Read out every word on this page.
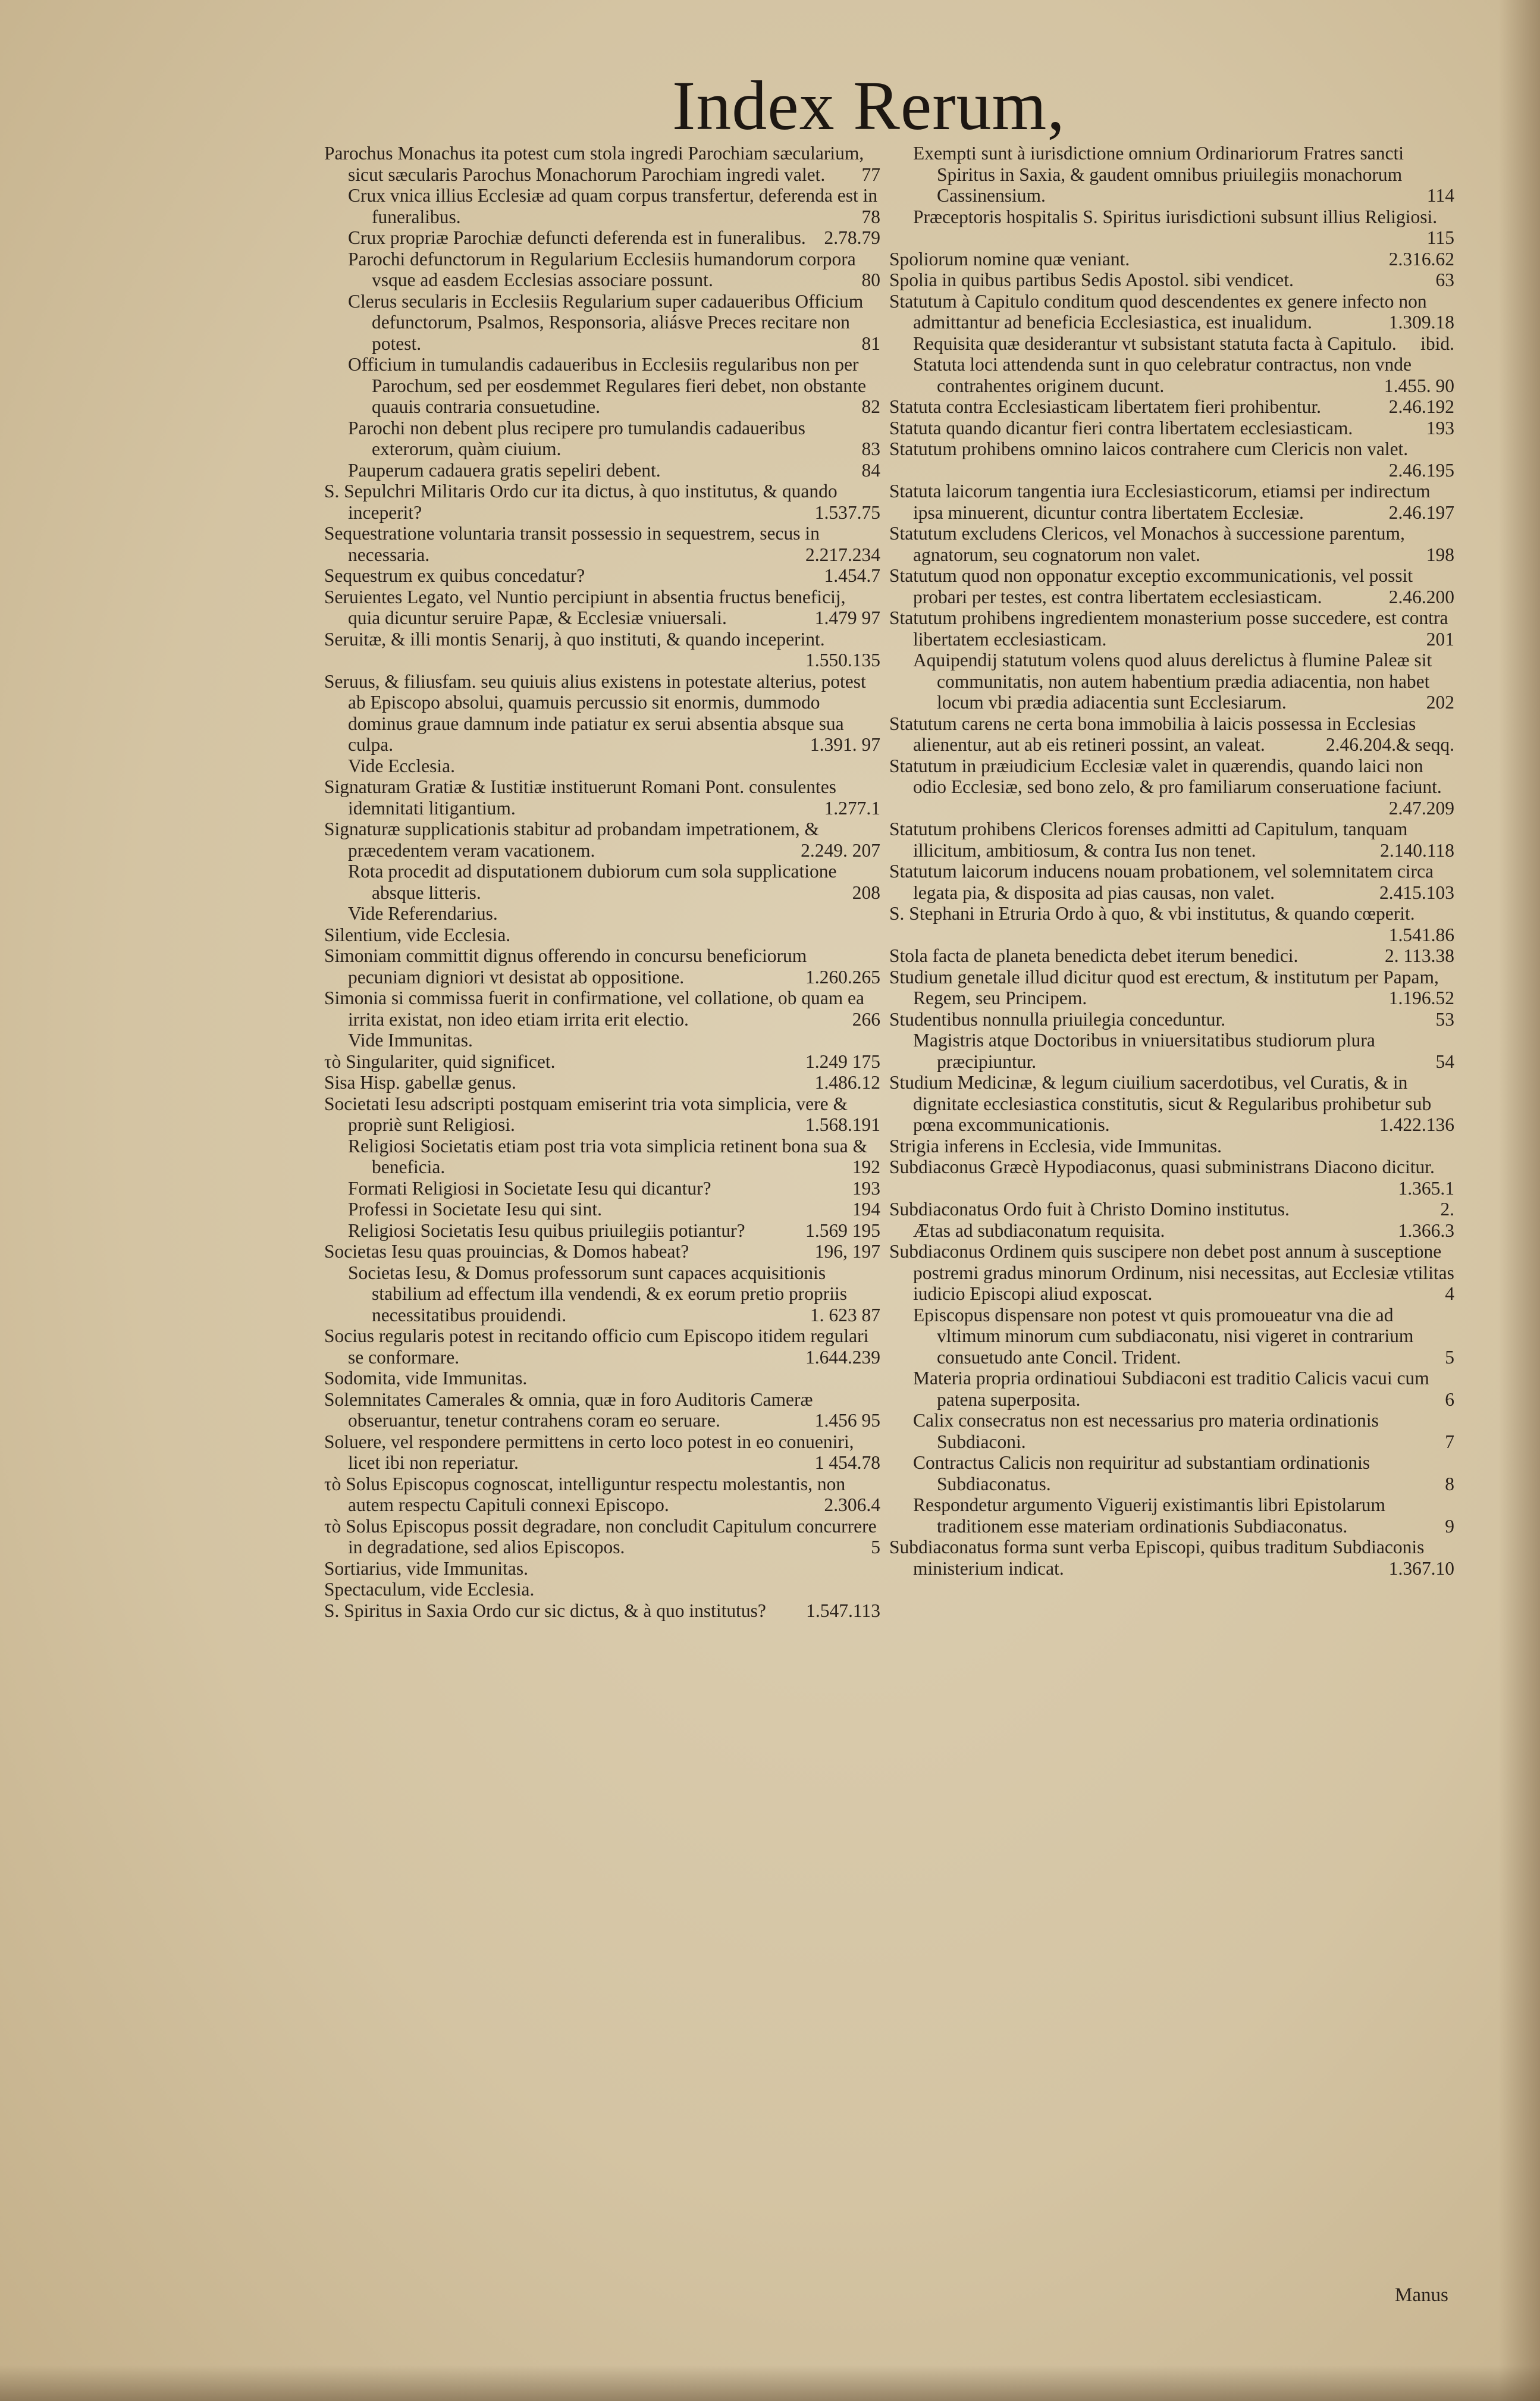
Index Rerum,

Parochus Monachus ita potest cum stola ingredi Parochiam sæcularium, sicut sæcularis Parochus Monachorum Parochiam ingredi valet.	77

Crux vnica illius Ecclesiæ ad quam corpus transfertur, deferenda est in funeralibus.	78

Crux propriæ Parochiæ defuncti deferenda est in funeralibus. 2.78.79

Parochi defunctorum in Regularium Ecclesiis humandorum corpora vsque ad easdem Ecclesias associare possunt.	80

Clerus secularis in Ecclesiis Regularium super cadaueribus Officium defunctorum, Psalmos, Responsoria, aliásve Preces recitare non potest.	81

Officium in tumulandis cadaueribus in Ecclesiis regularibus non per Parochum, sed per eosdemmet Regulares fieri debet, non obstante quauis contraria consuetudine.	82

Parochi non debent plus recipere pro tumulandis cadaueribus exterorum, quàm ciuium.	83

Pauperum cadauera gratis sepeliri debent.	84

S. Sepulchri Militaris Ordo cur ita dictus, à quo institutus, & quando inceperit?	1.537.75

Sequestratione voluntaria transit possessio in sequestrem, secus in necessaria.	2.217.234

Sequestrum ex quibus concedatur?	1.454.7

Seruientes Legato, vel Nuntio percipiunt in absentia fructus beneficij, quia dicuntur seruire Papæ, & Ecclesiæ vniuersali.	1.479 97

Seruitæ, & illi montis Senarij, à quo instituti, & quando inceperint.
1.550.135

Seruus, & filiusfam. seu quiuis alius existens in potestate alterius, potest ab Episcopo absolui, quamuis percussio sit enormis, dummodo dominus graue damnum inde patiatur ex serui absentia absque sua culpa.	1.391. 97

Vide Ecclesia.

Signaturam Gratiæ & Iustitiæ instituerunt Romani Pont. consulentes idemnitati litigantium.	1.277.1

Signaturæ supplicationis stabitur ad probandam impetrationem, & præcedentem veram vacationem.	2.249. 207

Rota procedit ad disputationem dubiorum cum sola supplicatione absque litteris.	208

Vide Referendarius.

Silentium, vide Ecclesia.

Simoniam committit dignus offerendo in concursu beneficiorum pecuniam digniori vt desistat ab oppositione.	1.260.265

Simonia si commissa fuerit in confirmatione, vel collatione, ob quam ea irrita existat, non ideo etiam irrita erit electio.	266

Vide Immunitas.

τò Singulariter, quid significet.	1.249 175

Sisa Hisp. gabellæ genus.	1.486.12

Societati Iesu adscripti postquam emiserint tria vota simplicia, vere & propriè sunt Religiosi.	1.568.191

Religiosi Societatis etiam post tria vota simplicia retinent bona sua & beneficia.	192

Formati Religiosi in Societate Iesu qui dicantur?	193

Professi in Societate Iesu qui sint.	194

Religiosi Societatis Iesu quibus priuilegiis potiantur?	1.569 195

Societas Iesu quas prouincias, & Domos habeat?	196, 197

Societas Iesu, & Domus professorum sunt capaces acquisitionis stabilium ad effectum illa vendendi, & ex eorum pretio propriis necessitatibus prouidendi.	1. 623 87

Socius regularis potest in recitando officio cum Episcopo itidem regulari se conformare.	1.644.239

Sodomita, vide Immunitas.

Solemnitates Camerales & omnia, quæ in foro Auditoris Cameræ obseruantur, tenetur contrahens coram eo seruare.	1.456 95

Soluere, vel respondere permittens in certo loco potest in eo conueniri, licet ibi non reperiatur.	1 454.78

τò Solus Episcopus cognoscat, intelliguntur respectu molestantis, non autem respectu Capituli connexi Episcopo.	2.306.4

τò Solus Episcopus possit degradare, non concludit Capitulum concurrere in degradatione, sed alios Episcopos.	5

Sortiarius, vide Immunitas.

Spectaculum, vide Ecclesia.

S. Spiritus in Saxia Ordo cur sic dictus, & à quo institutus?	1.547.113

Exempti sunt à iurisdictione omnium Ordinariorum Fratres sancti Spiritus in Saxia, & gaudent omnibus priuilegiis monachorum Cassinensium.	114

Præceptoris hospitalis S. Spiritus iurisdictioni subsunt illius Religiosi.
115

Spoliorum nomine quæ veniant.	2.316.62

Spolia in quibus partibus Sedis Apostol. sibi vendicet.	63

Statutum à Capitulo conditum quod descendentes ex genere infecto non admittantur ad beneficia Ecclesiastica, est inualidum.	1.309.18

Requisita quæ desiderantur vt subsistant statuta facta à Capitulo.	ibid.

Statuta loci attendenda sunt in quo celebratur contractus, non vnde contrahentes originem ducunt.	1.455. 90

Statuta contra Ecclesiasticam libertatem fieri prohibentur.	2.46.192

Statuta quando dicantur fieri contra libertatem ecclesiasticam.	193

Statutum prohibens omnino laicos contrahere cum Clericis non valet.
2.46.195

Statuta laicorum tangentia iura Ecclesiasticorum, etiamsi per indirectum ipsa minuerent, dicuntur contra libertatem Ecclesiæ.	2.46.197

Statutum excludens Clericos, vel Monachos à successione parentum, agnatorum, seu cognatorum non valet.	198

Statutum quod non opponatur exceptio excommunicationis, vel possit probari per testes, est contra libertatem ecclesiasticam.	2.46.200

Statutum prohibens ingredientem monasterium posse succedere, est contra libertatem ecclesiasticam.	201

Aquipendij statutum volens quod aluus derelictus à flumine Paleæ sit communitatis, non autem habentium prædia adiacentia, non habet locum vbi prædia adiacentia sunt Ecclesiarum.	202

Statutum carens ne certa bona immobilia à laicis possessa in Ecclesias alienentur, aut ab eis retineri possint, an valeat.	2.46.204.& seqq.

Statutum in præiudicium Ecclesiæ valet in quærendis, quando laici non odio Ecclesiæ, sed bono zelo, & pro familiarum conseruatione faciunt.
2.47.209

Statutum prohibens Clericos forenses admitti ad Capitulum, tanquam illicitum, ambitiosum, & contra Ius non tenet.	2.140.118

Statutum laicorum inducens nouam probationem, vel solemnitatem circa legata pia, & disposita ad pias causas, non valet.	2.415.103

S. Stephani in Etruria Ordo à quo, & vbi institutus, & quando cœperit.
1.541.86

Stola facta de planeta benedicta debet iterum benedici.	2. 113.38

Studium genetale illud dicitur quod est erectum, & institutum per Papam, Regem, seu Principem.	1.196.52

Studentibus nonnulla priuilegia conceduntur.	53

Magistris atque Doctoribus in vniuersitatibus studiorum plura præcipiuntur.	54

Studium Medicinæ, & legum ciuilium sacerdotibus, vel Curatis, & in dignitate ecclesiastica constitutis, sicut & Regularibus prohibetur sub pœna excommunicationis.	1.422.136

Strigia inferens in Ecclesia, vide Immunitas.

Subdiaconus Græcè Hypodiaconus, quasi subministrans Diacono dicitur.
1.365.1

Subdiaconatus Ordo fuit à Christo Domino institutus.	2.

Ætas ad subdiaconatum requisita.	1.366.3

Subdiaconus Ordinem quis suscipere non debet post annum à susceptione postremi gradus minorum Ordinum, nisi necessitas, aut Ecclesiæ vtilitas iudicio Episcopi aliud exposcat.	4

Episcopus dispensare non potest vt quis promoueatur vna die ad vltimum minorum cum subdiaconatu, nisi vigeret in contrarium consuetudo ante Concil. Trident.	5

Materia propria ordinatioui Subdiaconi est traditio Calicis vacui cum patena superposita.	6

Calix consecratus non est necessarius pro materia ordinationis Subdiaconi.	7

Contractus Calicis non requiritur ad substantiam ordinationis Subdiaconatus.	8

Respondetur argumento Viguerij existimantis libri Epistolarum traditionem esse materiam ordinationis Subdiaconatus.	9

Subdiaconatus forma sunt verba Episcopi, quibus traditum Subdiaconis ministerium indicat.	1.367.10

Manus
